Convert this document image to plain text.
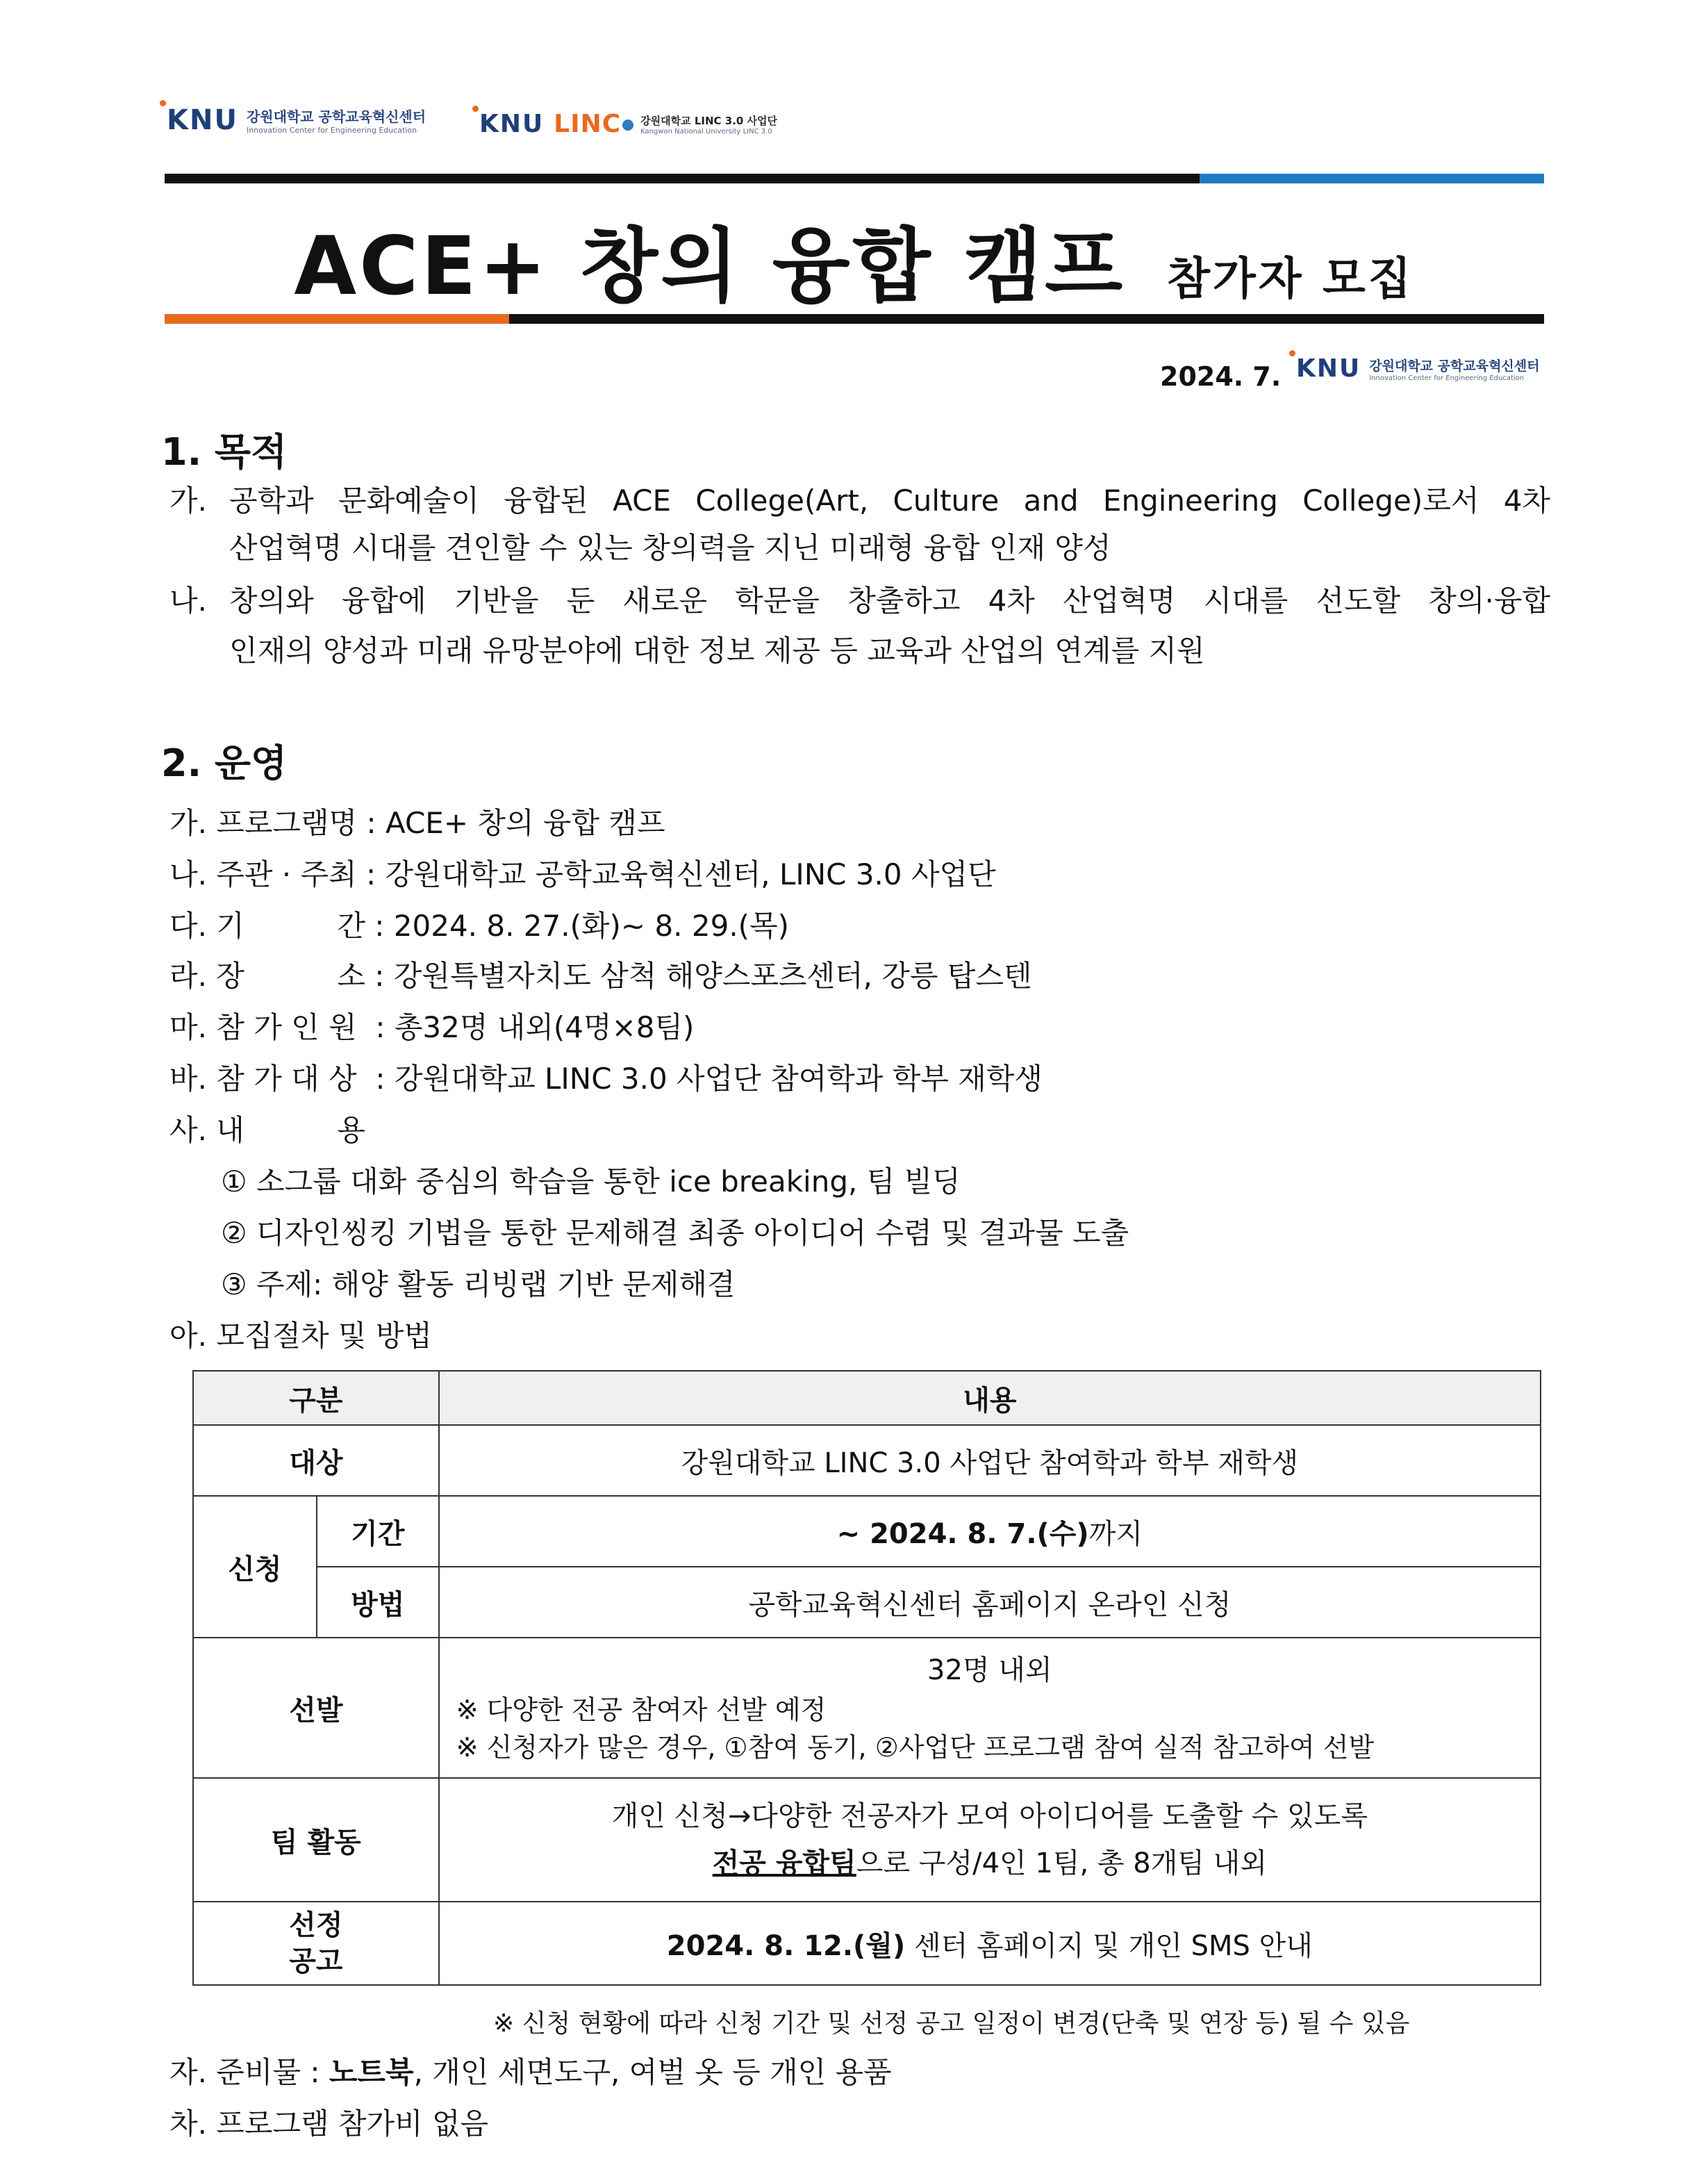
KNU 강원대학교 공학교육혁신센터
Innovation Center for Engineering Education	KNU LINC	강원대학교 LINC 3.0 사업단
Kangwon National University LINC 3.0
ACE+ 창의 융합 캠프 참가자 모집
2024. 7. KNU 강원대학교 공학교육혁신센터
Innovation Center for Engineering Education
1. 목적
가. 공학과 문화예술이 융합된 ACE College(Art, Culture and Engineering College)로서 4차
산업혁명 시대를 견인할 수 있는 창의력을 지닌 미래형 융합 인재 양성
나. 창의와 융합에 기반을 둔 새로운 학문을 창출하고 4차 산업혁명 시대를 선도할 창의·융합
인재의 양성과 미래 유망분야에 대한 정보 제공 등 교육과 산업의 연계를 지원
2. 운영
가. 프로그램명 : ACE+ 창의 융합 캠프
나. 주관 · 주최 : 강원대학교 공학교육혁신센터, LINC 3.0 사업단
다. 기          간 : 2024. 8. 27.(화)~ 8. 29.(목)
라. 장          소 : 강원특별자치도 삼척 해양스포츠센터, 강릉 탑스텐
마. 참 가 인 원  : 총32명 내외(4명×8팀)
바. 참 가 대 상  : 강원대학교 LINC 3.0 사업단 참여학과 학부 재학생
사. 내          용
① 소그룹 대화 중심의 학습을 통한 ice breaking, 팀 빌딩
② 디자인씽킹 기법을 통한 문제해결 최종 아이디어 수렴 및 결과물 도출
③ 주제: 해양 활동 리빙랩 기반 문제해결
아. 모집절차 및 방법
구분		내용
대상		강원대학교 LINC 3.0 사업단 참여학과 학부 재학생
신청	기간	~ 2024. 8. 7.(수)까지
	방법	공학교육혁신센터 홈페이지 온라인 신청
선발		32명 내외
※ 다양한 전공 참여자 선발 예정
※ 신청자가 많은 경우, ①참여 동기, ②사업단 프로그램 참여 실적 참고하여 선발

팀 활동		개인 신청→다양한 전공자가 모여 아이디어를 도출할 수 있도록
전공 융합팀으로 구성/4인 1팀, 총 8개팀 내외

선정
공고		2024. 8. 12.(월) 센터 홈페이지 및 개인 SMS 안내
※ 신청 현황에 따라 신청 기간 및 선정 공고 일정이 변경(단축 및 연장 등) 될 수 있음
자. 준비물 : 노트북, 개인 세면도구, 여벌 옷 등 개인 용품
차. 프로그램 참가비 없음
